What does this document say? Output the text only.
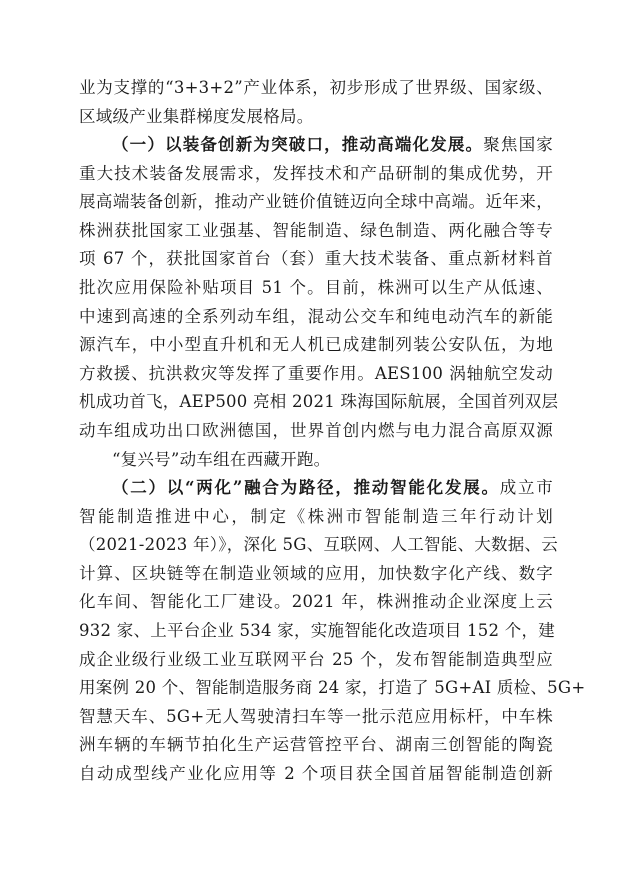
业为支撑的“3+3+2”产业体系，初步形成了世界级、国家级、
区域级产业集群梯度发展格局。
（一）以装备创新为突破口，推动高端化发展。聚焦国家
重大技术装备发展需求，发挥技术和产品研制的集成优势，开
展高端装备创新，推动产业链价值链迈向全球中高端。近年来，
株洲获批国家工业强基、智能制造、绿色制造、两化融合等专
项 67 个，获批国家首台（套）重大技术装备、重点新材料首
批次应用保险补贴项目 51 个。目前，株洲可以生产从低速、
中速到高速的全系列动车组，混动公交车和纯电动汽车的新能
源汽车，中小型直升机和无人机已成建制列装公安队伍，为地
方救援、抗洪救灾等发挥了重要作用。AES100 涡轴航空发动
机成功首飞，AEP500 亮相 2021 珠海国际航展，全国首列双层
动车组成功出口欧洲德国，世界首创内燃与电力混合高原双源
“复兴号”动车组在西藏开跑。
（二）以“两化”融合为路径，推动智能化发展。成立市
智能制造推进中心，制定《株洲市智能制造三年行动计划
（2021-2023 年）》，深化 5G、互联网、人工智能、大数据、云
计算、区块链等在制造业领域的应用，加快数字化产线、数字
化车间、智能化工厂建设。2021 年，株洲推动企业深度上云
932 家、上平台企业 534 家，实施智能化改造项目 152 个，建
成企业级行业级工业互联网平台 25 个，发布智能制造典型应
用案例 20 个、智能制造服务商 24 家，打造了 5G+AI 质检、5G+
智慧天车、5G+无人驾驶清扫车等一批示范应用标杆，中车株
洲车辆的车辆节拍化生产运营管控平台、湖南三创智能的陶瓷
自动成型线产业化应用等 2 个项目获全国首届智能制造创新
